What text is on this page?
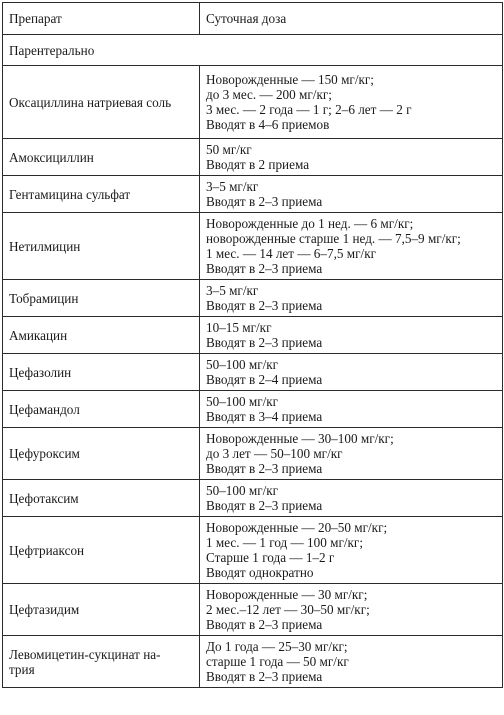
Препарат	Суточная доза
Парентерально	
Оксациллина натриевая соль	Новорожденные — 150 мг/кг;
до 3 мес. — 200 мг/кг;
3 мес. — 2 года — 1 г; 2–6 лет — 2 г
Вводят в 4–6 приемов

Амоксициллин	50 мг/кг
Вводят в 2 приема

Гентамицина сульфат	3–5 мг/кг
Вводят в 2–3 приема

Нетилмицин	Новорожденные до 1 нед. — 6 мг/кг;
новорожденные старше 1 нед. — 7,5–9 мг/кг;
1 мес. — 14 лет — 6–7,5 мг/кг
Вводят в 2–3 приема

Тобрамицин	3–5 мг/кг
Вводят в 2–3 приема

Амикацин	10–15 мг/кг
Вводят в 2–3 приема

Цефазолин	50–100 мг/кг
Вводят в 2–4 приема

Цефамандол	50–100 мг/кг
Вводят в 3–4 приема

Цефуроксим	Новорожденные — 30–100 мг/кг;
до 3 лет — 50–100 мг/кг
Вводят в 2–3 приема

Цефотаксим	50–100 мг/кг
Вводят в 2–3 приема

Цефтриаксон	Новорожденные — 20–50 мг/кг;
1 мес. — 1 год — 100 мг/кг;
Старше 1 года — 1–2 г
Вводят однократно

Цефтазидим	Новорожденные — 30 мг/кг;
2 мес.–12 лет — 30–50 мг/кг;
Вводят в 2–3 приема

Левомицетин-сукцинат на-
трия	До 1 года — 25–30 мг/кг;
старше 1 года — 50 мг/кг
Вводят в 2–3 приема
